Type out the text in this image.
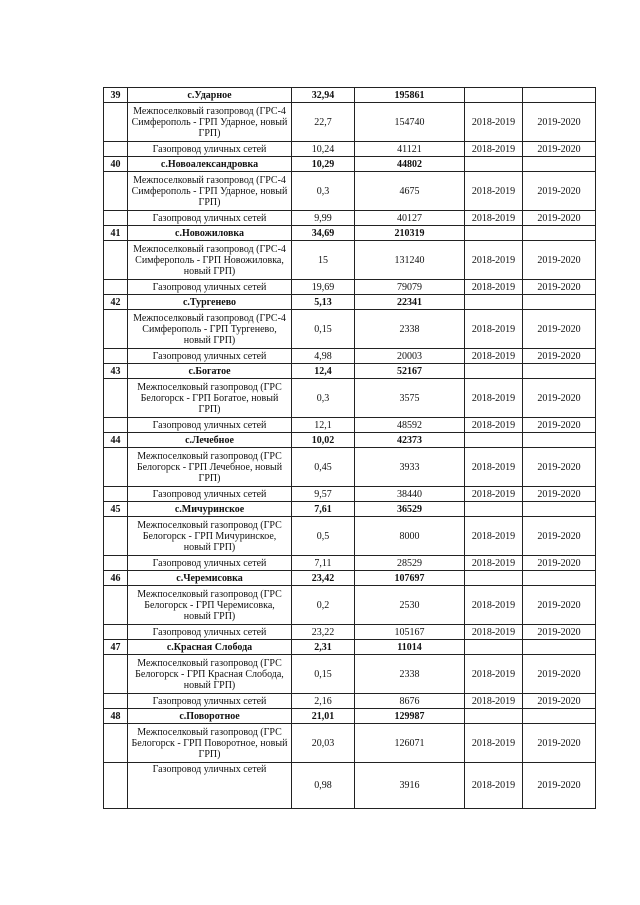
39	с.Ударное	32,94	195861		
	Межпоселковый газопровод (ГРС-4 Симферополь - ГРП Ударное, новый ГРП)	22,7	154740	2018-2019	2019-2020
	Газопровод уличных сетей	10,24	41121	2018-2019	2019-2020
40	с.Новоалександровка	10,29	44802		
	Межпоселковый газопровод (ГРС-4 Симферополь - ГРП Ударное, новый ГРП)	0,3	4675	2018-2019	2019-2020
	Газопровод уличных сетей	9,99	40127	2018-2019	2019-2020
41	с.Новожиловка	34,69	210319		
	Межпоселковый газопровод (ГРС-4 Симферополь - ГРП Новожиловка, новый ГРП)	15	131240	2018-2019	2019-2020
	Газопровод уличных сетей	19,69	79079	2018-2019	2019-2020
42	с.Тургенево	5,13	22341		
	Межпоселковый газопровод (ГРС-4 Симферополь - ГРП Тургенево, новый ГРП)	0,15	2338	2018-2019	2019-2020
	Газопровод уличных сетей	4,98	20003	2018-2019	2019-2020
43	с.Богатое	12,4	52167		
	Межпоселковый газопровод (ГРС Белогорск - ГРП Богатое, новый ГРП)	0,3	3575	2018-2019	2019-2020
	Газопровод уличных сетей	12,1	48592	2018-2019	2019-2020
44	с.Лечебное	10,02	42373		
	Межпоселковый газопровод (ГРС Белогорск - ГРП Лечебное, новый ГРП)	0,45	3933	2018-2019	2019-2020
	Газопровод уличных сетей	9,57	38440	2018-2019	2019-2020
45	с.Мичуринское	7,61	36529		
	Межпоселковый газопровод (ГРС Белогорск - ГРП Мичуринское, новый ГРП)	0,5	8000	2018-2019	2019-2020
	Газопровод уличных сетей	7,11	28529	2018-2019	2019-2020
46	с.Черемисовка	23,42	107697		
	Межпоселковый газопровод (ГРС Белогорск - ГРП Черемисовка, новый ГРП)	0,2	2530	2018-2019	2019-2020
	Газопровод уличных сетей	23,22	105167	2018-2019	2019-2020
47	с.Красная Слобода	2,31	11014		
	Межпоселковый газопровод (ГРС Белогорск - ГРП Красная Слобода, новый ГРП)	0,15	2338	2018-2019	2019-2020
	Газопровод уличных сетей	2,16	8676	2018-2019	2019-2020
48	с.Поворотное	21,01	129987		
	Межпоселковый газопровод (ГРС Белогорск - ГРП Поворотное, новый ГРП)	20,03	126071	2018-2019	2019-2020
	Газопровод уличных сетей	0,98	3916	2018-2019	2019-2020
